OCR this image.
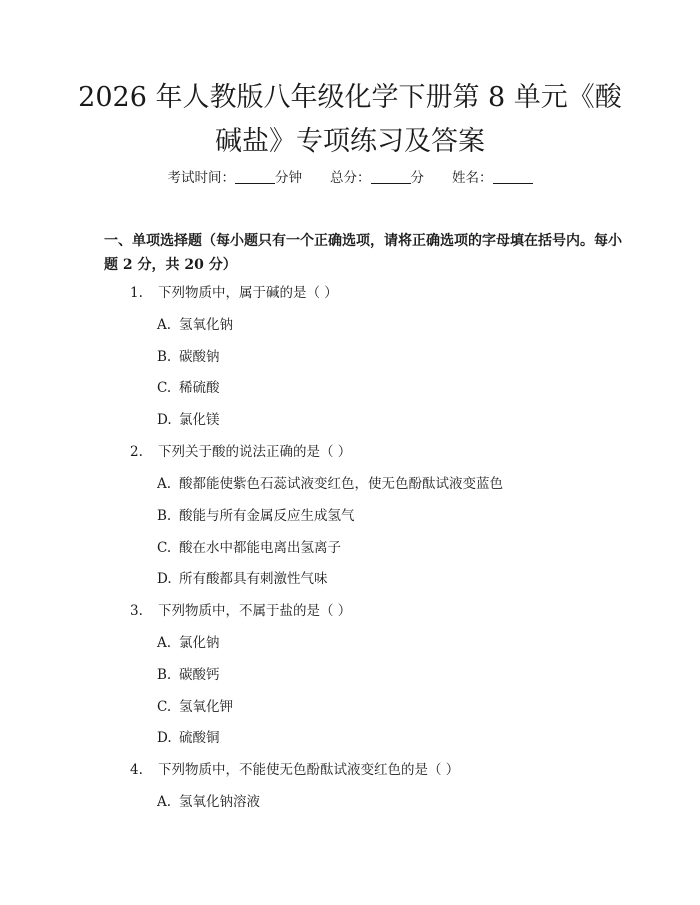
2026 年人教版八年级化学下册第 8 单元《酸
碱盐》专项练习及答案
考试时间：	分钟 总分：	分 姓名：
一、单项选择题（每小题只有一个正确选项，请将正确选项的字母填在括号内。每小题 2 分，共 20 分）
1. 下列物质中，属于碱的是（ ）
A. 氢氧化钠
B. 碳酸钠
C. 稀硫酸
D. 氯化镁
2. 下列关于酸的说法正确的是（ ）
A. 酸都能使紫色石蕊试液变红色，使无色酚酞试液变蓝色
B. 酸能与所有金属反应生成氢气
C. 酸在水中都能电离出氢离子
D. 所有酸都具有刺激性气味
3. 下列物质中，不属于盐的是（ ）
A. 氯化钠
B. 碳酸钙
C. 氢氧化钾
D. 硫酸铜
4. 下列物质中，不能使无色酚酞试液变红色的是（ ）
A. 氢氧化钠溶液
